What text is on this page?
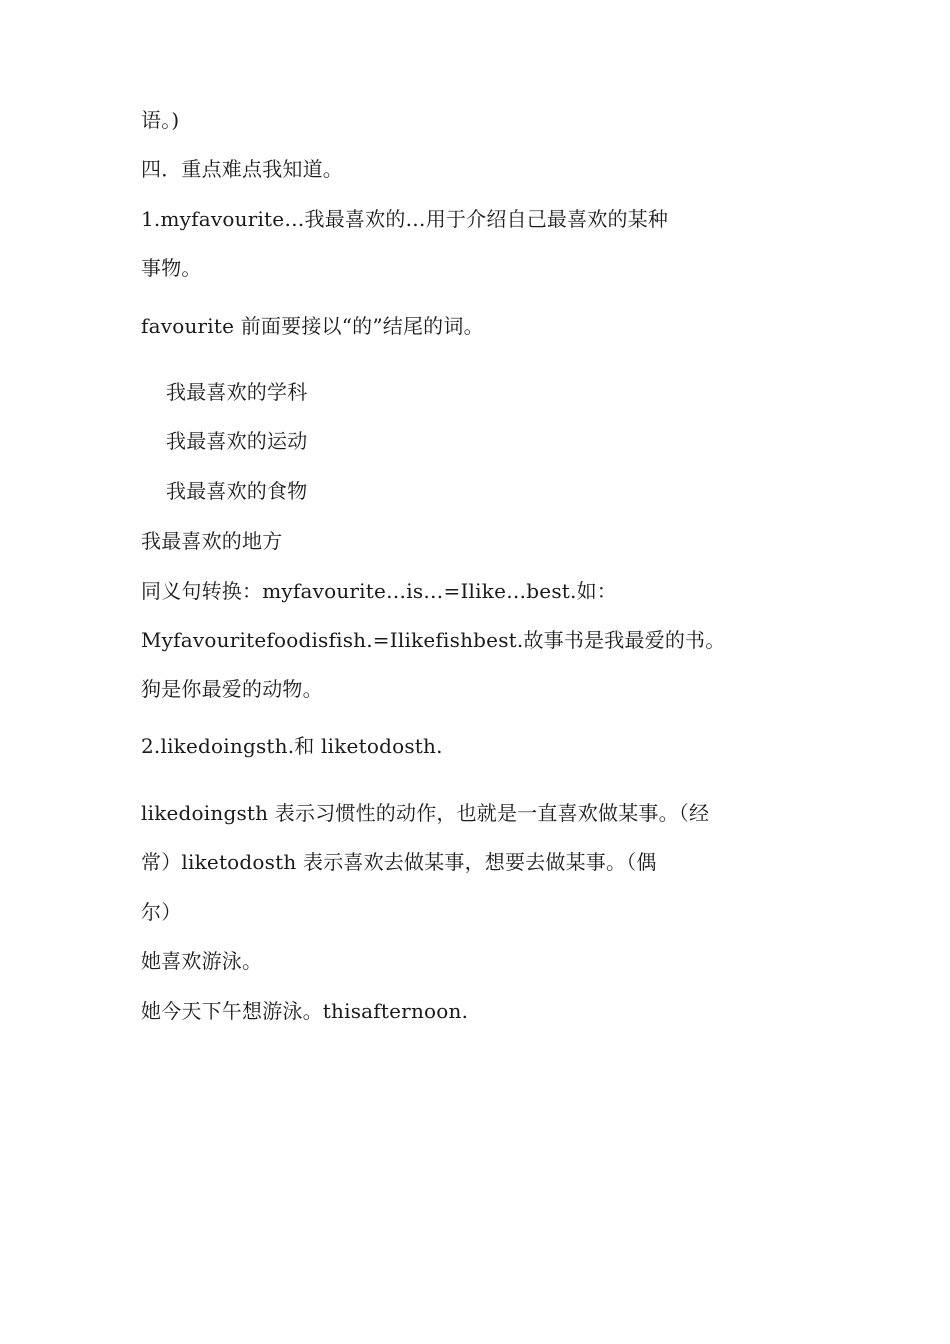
语。)
四．重点难点我知道。
1.myfavourite…我最喜欢的…用于介绍自己最喜欢的某种
事物。
favourite 前面要接以“的”结尾的词。
我最喜欢的学科
我最喜欢的运动
我最喜欢的食物
我最喜欢的地方
同义句转换：myfavourite…is…=Ilike…best.如：
Myfavouritefoodisfish.=Ilikefishbest.故事书是我最爱的书。
狗是你最爱的动物。
2.likedoingsth.和 liketodosth.
likedoingsth 表示习惯性的动作，也就是一直喜欢做某事。（经
常）liketodosth 表示喜欢去做某事，想要去做某事。（偶
尔）
她喜欢游泳。
她今天下午想游泳。thisafternoon.
